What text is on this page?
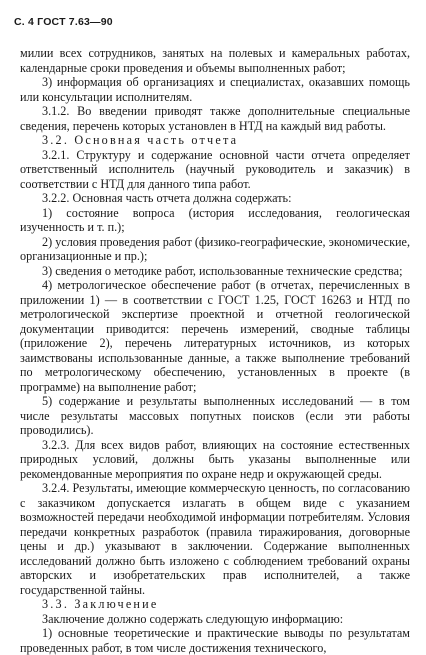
С. 4 ГОСТ 7.63—90

милии всех сотрудников, занятых на полевых и камеральных работах, календарные сроки проведения и объемы выполненных работ;

3) информация об организациях и специалистах, оказавших помощь или консультации исполнителям.

3.1.2. Во введении приводят также дополнительные специальные сведения, перечень которых установлен в НТД на каждый вид работы.

3.2. Основная часть отчета

3.2.1. Структуру и содержание основной части отчета определяет ответственный исполнитель (научный руководитель и заказчик) в соответствии с НТД для данного типа работ.

3.2.2. Основная часть отчета должна содержать:

1) состояние вопроса (история исследования, геологическая изученность и т. п.);

2) условия проведения работ (физико-географические, экономические, организационные и пр.);

3) сведения о методике работ, использованные технические средства;

4) метрологическое обеспечение работ (в отчетах, перечисленных в приложении 1) — в соответствии с ГОСТ 1.25, ГОСТ 16263 и НТД по метрологической экспертизе проектной и отчетной геологической документации приводится: перечень измерений, сводные таблицы (приложение 2), перечень литературных источников, из которых заимствованы использованные данные, а также выполнение требований по метрологическому обеспечению, установленных в проекте (в программе) на выполнение работ;

5) содержание и результаты выполненных исследований — в том числе результаты массовых попутных поисков (если эти работы проводились).

3.2.3. Для всех видов работ, влияющих на состояние естественных природных условий, должны быть указаны выполненные или рекомендованные мероприятия по охране недр и окружающей среды.

3.2.4. Результаты, имеющие коммерческую ценность, по согласованию с заказчиком допускается излагать в общем виде с указанием возможностей передачи необходимой информации потребителям. Условия передачи конкретных разработок (правила тиражирования, договорные цены и др.) указывают в заключении. Содержание выполненных исследований должно быть изложено с соблюдением требований охраны авторских и изобретательских прав исполнителей, а также государственной тайны.

3.3. Заключение

Заключение должно содержать следующую информацию:

1) основные теоретические и практические выводы по результатам проведенных работ, в том числе достижения технического,
